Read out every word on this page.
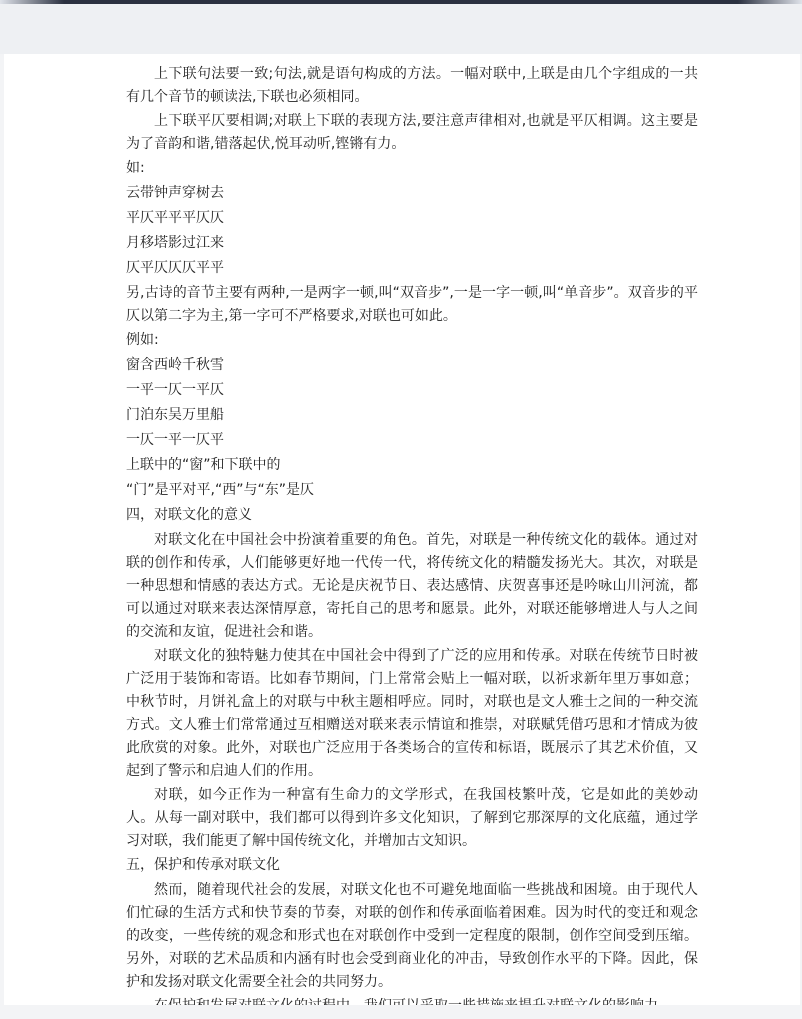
上下联句法要一致;句法,就是语句构成的方法。一幅对联中,上联是由几个字组成的一共有几个音节的顿读法,下联也必须相同。

上下联平仄要相调;对联上下联的表现方法,要注意声律相对,也就是平仄相调。这主要是为了音韵和谐,错落起伏,悦耳动听,铿锵有力。

如:

云带钟声穿树去

平仄平平平仄仄

月移塔影过江来

仄平仄仄仄平平

另,古诗的音节主要有两种,一是两字一顿,叫“双音步”,一是一字一顿,叫“单音步”。双音步的平仄以第二字为主,第一字可不严格要求,对联也可如此。

例如:

窗含西岭千秋雪

一平一仄一平仄

门泊东吴万里船

一仄一平一仄平

上联中的“窗”和下联中的

“门”是平对平,“西”与“东”是仄

四，对联文化的意义

对联文化在中国社会中扮演着重要的角色。首先，对联是一种传统文化的载体。通过对联的创作和传承，人们能够更好地一代传一代，将传统文化的精髓发扬光大。其次，对联是一种思想和情感的表达方式。无论是庆祝节日、表达感情、庆贺喜事还是吟咏山川河流，都可以通过对联来表达深情厚意，寄托自己的思考和愿景。此外，对联还能够增进人与人之间的交流和友谊，促进社会和谐。

对联文化的独特魅力使其在中国社会中得到了广泛的应用和传承。对联在传统节日时被广泛用于装饰和寄语。比如春节期间，门上常常会贴上一幅对联，以祈求新年里万事如意；中秋节时，月饼礼盒上的对联与中秋主题相呼应。同时，对联也是文人雅士之间的一种交流方式。文人雅士们常常通过互相赠送对联来表示情谊和推崇，对联赋凭借巧思和才情成为彼此欣赏的对象。此外，对联也广泛应用于各类场合的宣传和标语，既展示了其艺术价值，又起到了警示和启迪人们的作用。

对联，如今正作为一种富有生命力的文学形式，在我国枝繁叶茂，它是如此的美妙动人。从每一副对联中，我们都可以得到许多文化知识，了解到它那深厚的文化底蕴，通过学习对联，我们能更了解中国传统文化，并增加古文知识。

五，保护和传承对联文化

然而，随着现代社会的发展，对联文化也不可避免地面临一些挑战和困境。由于现代人们忙碌的生活方式和快节奏的节奏，对联的创作和传承面临着困难。因为时代的变迁和观念的改变，一些传统的观念和形式也在对联创作中受到一定程度的限制，创作空间受到压缩。另外，对联的艺术品质和内涵有时也会受到商业化的冲击，导致创作水平的下降。因此，保护和发扬对联文化需要全社会的共同努力。
